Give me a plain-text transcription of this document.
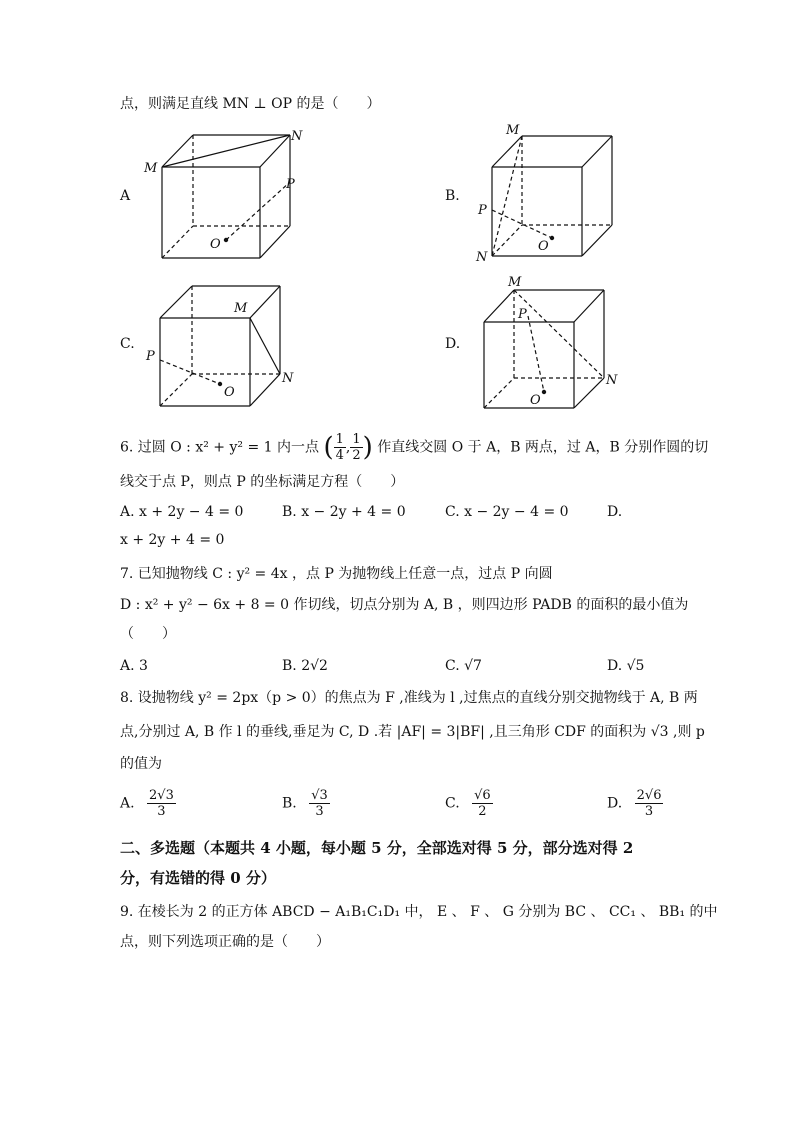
点，则满足直线 MN ⊥ OP 的是（　　）
A
M
N
P
O
B.
M
N
P
O
C.
M
N
P
O
D.
M
N
P
O
6. 过圆 O : x² + y² = 1 内一点 ( $\frac{1}{4}$ , $\frac{1}{2}$ ) 作直线交圆 O 于 A，B 两点，过 A，B 分别作圆的切
线交于点 P，则点 P 的坐标满足方程（　　）
A. x + 2y − 4 = 0	B. x − 2y + 4 = 0	C. x − 2y − 4 = 0	D.
x + 2y + 4 = 0
7. 已知抛物线 C : y² = 4x ，点 P 为抛物线上任意一点，过点 P 向圆
D : x² + y² − 6x + 8 = 0 作切线，切点分别为 A, B ，则四边形 PADB 的面积的最小值为
（　　）
A. 3	B. 2√2	C. √7	D. √5
8. 设抛物线 y² = 2px（p > 0）的焦点为 F ,准线为 l ,过焦点的直线分别交抛物线于 A, B 两
点,分别过 A, B 作 l 的垂线,垂足为 C, D .若 |AF| = 3|BF| ,且三角形 CDF 的面积为 √3 ,则 p
的值为
A. $\frac{2√3}{3}$	B. $\frac{√3}{3}$	C. $\frac{√6}{2}$	D. $\frac{2√6}{3}$
二、多选题（本题共 4 小题，每小题 5 分，全部选对得 5 分，部分选对得 2
分，有选错的得 0 分）
9. 在棱长为 2 的正方体 ABCD − A₁B₁C₁D₁ 中， E 、 F 、 G 分别为 BC 、 CC₁ 、 BB₁ 的中
点，则下列选项正确的是（　　）
